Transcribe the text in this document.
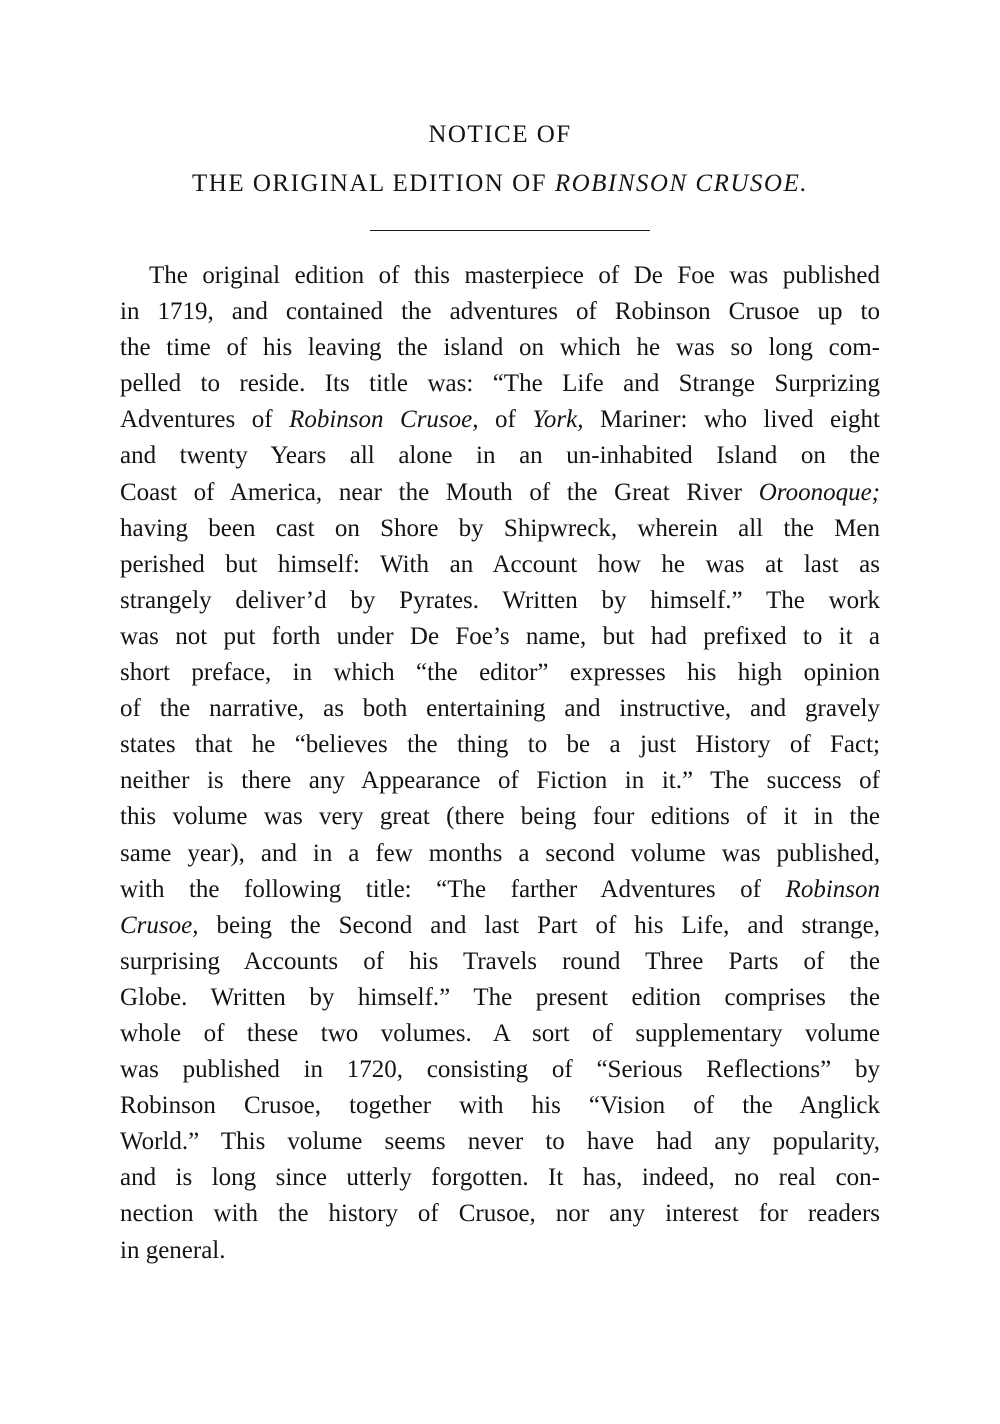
NOTICE OF
THE ORIGINAL EDITION OF ROBINSON CRUSOE.
The original edition of this masterpiece of De Foe was published
in 1719, and contained the adventures of Robinson Crusoe up to
the time of his leaving the island on which he was so long com-
pelled to reside. Its title was: “The Life and Strange Surprizing
Adventures of Robinson Crusoe, of York, Mariner: who lived eight
and twenty Years all alone in an un-inhabited Island on the
Coast of America, near the Mouth of the Great River Oroonoque;
having been cast on Shore by Shipwreck, wherein all the Men
perished but himself: With an Account how he was at last as
strangely deliver’d by Pyrates. Written by himself.” The work
was not put forth under De Foe’s name, but had prefixed to it a
short preface, in which “the editor” expresses his high opinion
of the narrative, as both entertaining and instructive, and gravely
states that he “believes the thing to be a just History of Fact;
neither is there any Appearance of Fiction in it.” The success of
this volume was very great (there being four editions of it in the
same year), and in a few months a second volume was published,
with the following title: “The farther Adventures of Robinson
Crusoe, being the Second and last Part of his Life, and strange,
surprising Accounts of his Travels round Three Parts of the
Globe. Written by himself.” The present edition comprises the
whole of these two volumes. A sort of supplementary volume
was published in 1720, consisting of “Serious Reflections” by
Robinson Crusoe, together with his “Vision of the Anglick
World.” This volume seems never to have had any popularity,
and is long since utterly forgotten. It has, indeed, no real con-
nection with the history of Crusoe, nor any interest for readers
in general.
